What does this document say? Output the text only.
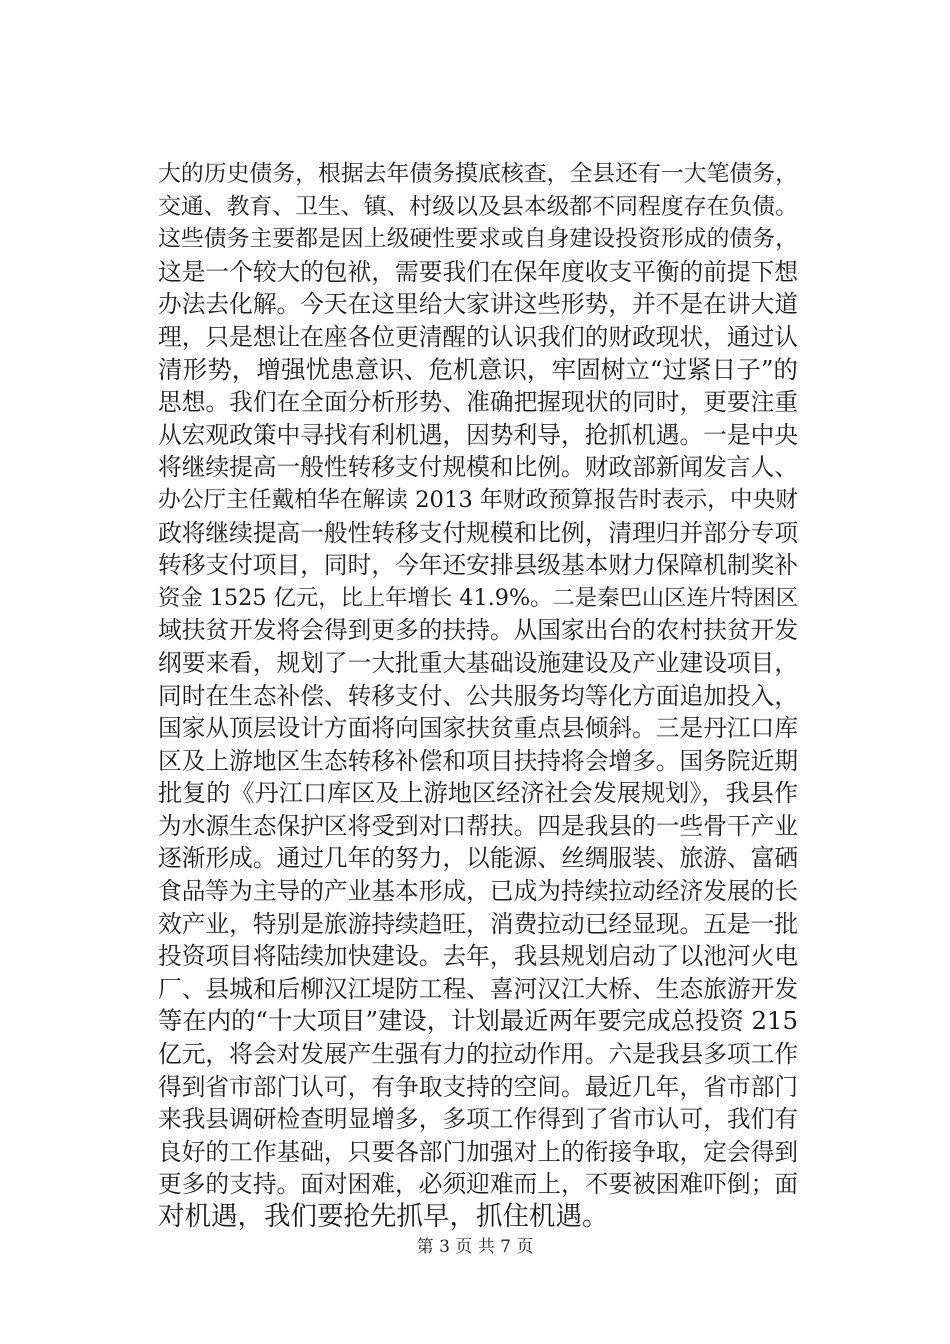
大的历史债务，根据去年债务摸底核查，全县还有一大笔债务，
交通、教育、卫生、镇、村级以及县本级都不同程度存在负债。
这些债务主要都是因上级硬性要求或自身建设投资形成的债务，
这是一个较大的包袱，需要我们在保年度收支平衡的前提下想
办法去化解。今天在这里给大家讲这些形势，并不是在讲大道
理，只是想让在座各位更清醒的认识我们的财政现状，通过认
清形势，增强忧患意识、危机意识，牢固树立“过紧日子”的
思想。我们在全面分析形势、准确把握现状的同时，更要注重
从宏观政策中寻找有利机遇，因势利导，抢抓机遇。一是中央
将继续提高一般性转移支付规模和比例。财政部新闻发言人、
办公厅主任戴柏华在解读 2013 年财政预算报告时表示，中央财
政将继续提高一般性转移支付规模和比例，清理归并部分专项
转移支付项目，同时，今年还安排县级基本财力保障机制奖补
资金 1525 亿元，比上年增长 41.9%。二是秦巴山区连片特困区
域扶贫开发将会得到更多的扶持。从国家出台的农村扶贫开发
纲要来看，规划了一大批重大基础设施建设及产业建设项目，
同时在生态补偿、转移支付、公共服务均等化方面追加投入，
国家从顶层设计方面将向国家扶贫重点县倾斜。三是丹江口库
区及上游地区生态转移补偿和项目扶持将会增多。国务院近期
批复的《丹江口库区及上游地区经济社会发展规划》，我县作
为水源生态保护区将受到对口帮扶。四是我县的一些骨干产业
逐渐形成。通过几年的努力，以能源、丝绸服装、旅游、富硒
食品等为主导的产业基本形成，已成为持续拉动经济发展的长
效产业，特别是旅游持续趋旺，消费拉动已经显现。五是一批
投资项目将陆续加快建设。去年，我县规划启动了以池河火电
厂、县城和后柳汉江堤防工程、喜河汉江大桥、生态旅游开发
等在内的“十大项目”建设，计划最近两年要完成总投资 215
亿元，将会对发展产生强有力的拉动作用。六是我县多项工作
得到省市部门认可，有争取支持的空间。最近几年，省市部门
来我县调研检查明显增多，多项工作得到了省市认可，我们有
良好的工作基础，只要各部门加强对上的衔接争取，定会得到
更多的支持。面对困难，必须迎难而上，不要被困难吓倒；面
对机遇，我们要抢先抓早，抓住机遇。
第 3 页 共 7 页
